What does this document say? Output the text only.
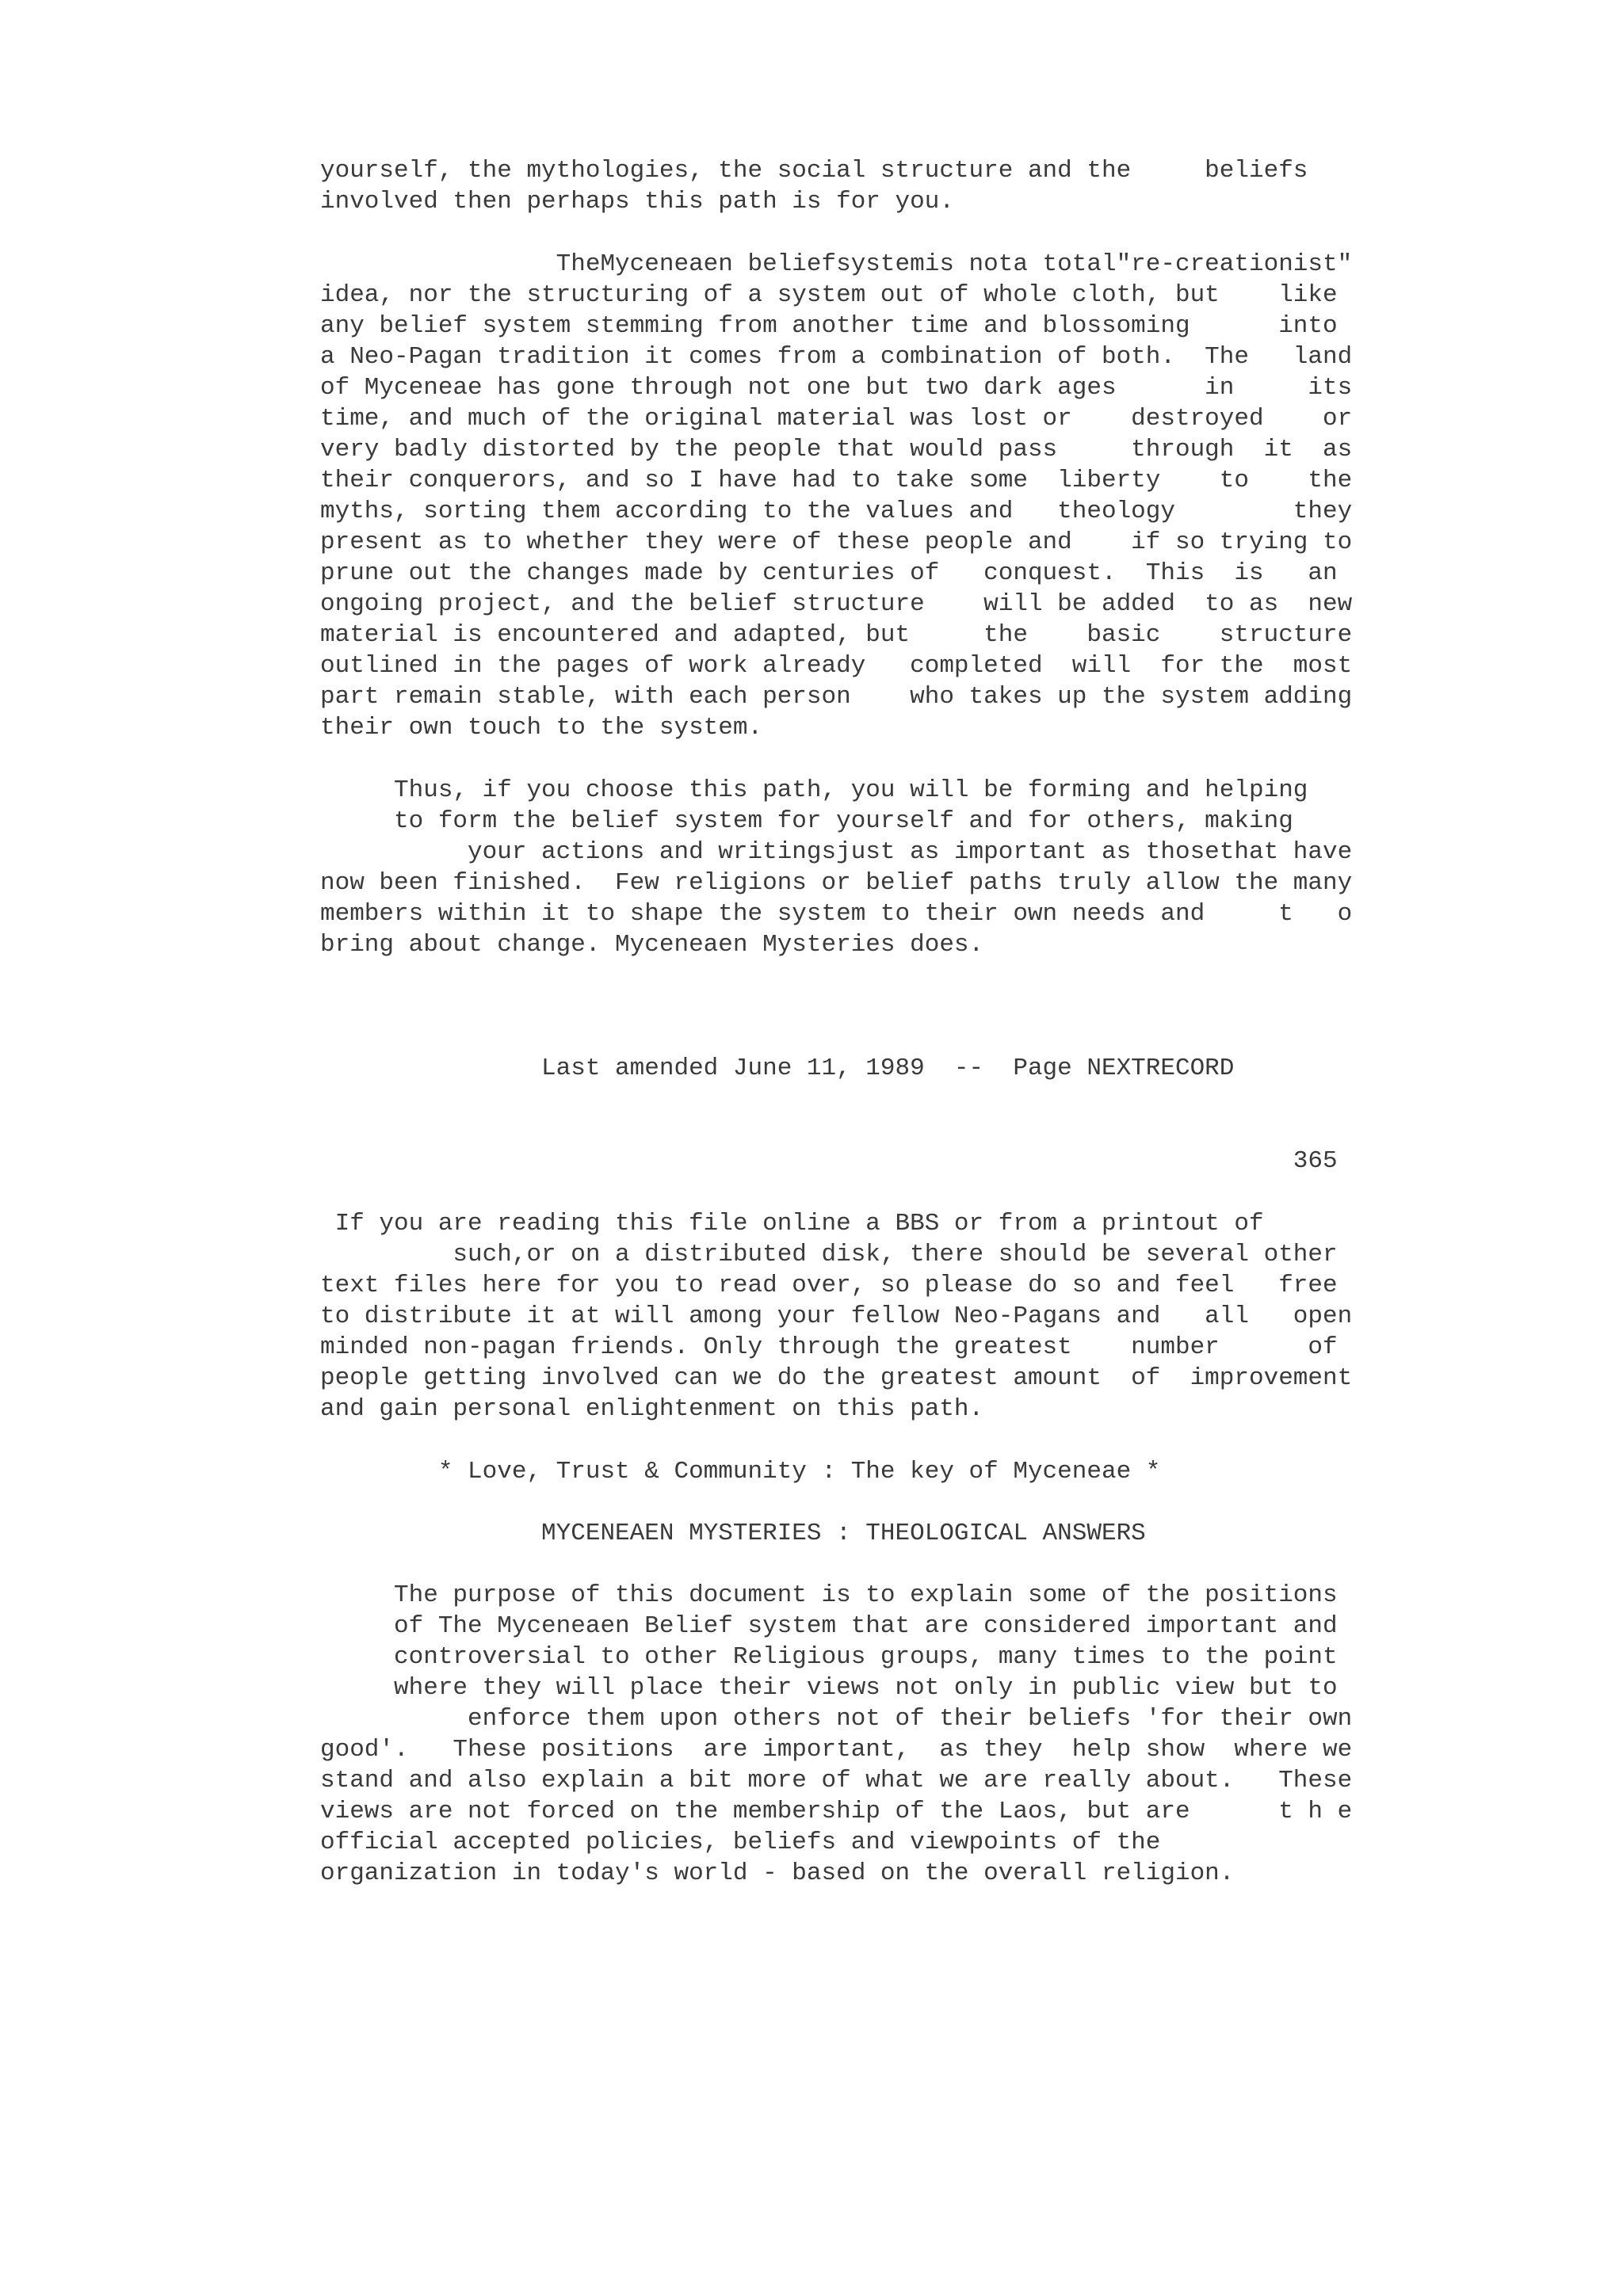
yourself, the mythologies, the social structure and the     beliefs
involved then perhaps this path is for you.
TheMyceneaen beliefsystemis nota total"re-creationist"
idea, nor the structuring of a system out of whole cloth, but    like
any belief system stemming from another time and blossoming      into
a Neo-Pagan tradition it comes from a combination of both.  The   land
of Myceneae has gone through not one but two dark ages      in     its
time, and much of the original material was lost or    destroyed    or
very badly distorted by the people that would pass     through  it  as
their conquerors, and so I have had to take some  liberty    to    the
myths, sorting them according to the values and   theology        they
present as to whether they were of these people and    if so trying to
prune out the changes made by centuries of   conquest.  This  is   an
ongoing project, and the belief structure    will be added  to as  new
material is encountered and adapted, but     the    basic    structure
outlined in the pages of work already   completed  will  for the  most
part remain stable, with each person    who takes up the system adding
their own touch to the system.
Thus, if you choose this path, you will be forming and helping
to form the belief system for yourself and for others, making
your actions and writingsjust as important as thosethat have
now been finished.  Few religions or belief paths truly allow the many
members within it to shape the system to their own needs and     t   o
bring about change. Myceneaen Mysteries does.
Last amended June 11, 1989  --  Page NEXTRECORD
365
If you are reading this file online a BBS or from a printout of
such,or on a distributed disk, there should be several other
text files here for you to read over, so please do so and feel   free
to distribute it at will among your fellow Neo-Pagans and   all   open
minded non-pagan friends. Only through the greatest    number      of
people getting involved can we do the greatest amount  of  improvement
and gain personal enlightenment on this path.
* Love, Trust & Community : The key of Myceneae *
MYCENEAEN MYSTERIES : THEOLOGICAL ANSWERS
The purpose of this document is to explain some of the positions
of The Myceneaen Belief system that are considered important and
controversial to other Religious groups, many times to the point
where they will place their views not only in public view but to
enforce them upon others not of their beliefs 'for their own
good'.   These positions  are important,  as they  help show  where we
stand and also explain a bit more of what we are really about.   These
views are not forced on the membership of the Laos, but are      t h e
official accepted policies, beliefs and viewpoints of the
organization in today's world - based on the overall religion.
